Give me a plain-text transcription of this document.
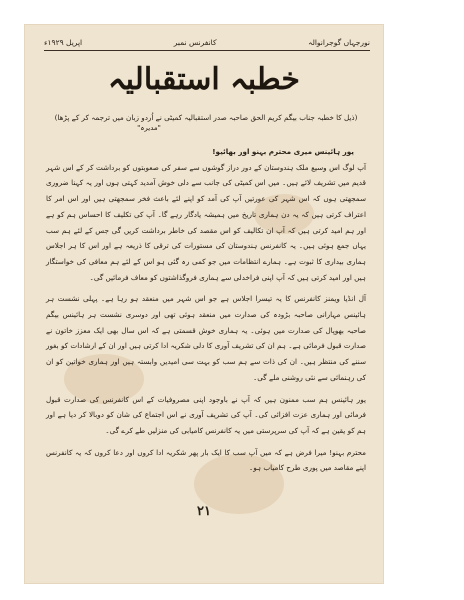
نورجہاں گوجرانوالہ
کانفرنس نمبر
اپریل ۱۹۲۹ء
خطبہ استقبالیہ
(ذیل کا خطبہ جناب بیگم کریم الحق صاحبہ صدر استقبالیہ کمیٹی نے اُردو زبان میں ترجمہ کر کے پڑھا)
"مدیرہ"

یور ہائینس میری محترم بہنو اور بھائیو!

آپ لوگ اس وسیع ملک ہندوستان کے دور دراز گوشوں سے سفر کی صعوبتوں کو برداشت کر کے اس شہر قدیم میں تشریف لائے ہیں۔ میں اس کمیٹی کی جانب سے دلی خوش آمدید کہتی ہوں اور یہ کہنا ضروری سمجھتی ہوں کہ اس شہر کی عورتیں آپ کی آمد کو اپنے لئے باعث فخر سمجھتی ہیں اور اس امر کا اعتراف کرتی ہیں کہ یہ دن ہماری تاریخ میں ہمیشہ یادگار رہے گا۔ آپ کی تکلیف کا احساس ہم کو ہے اور ہم امید کرتی ہیں کہ آپ ان تکالیف کو اس مقصد کی خاطر برداشت کریں گی جس کے لئے ہم سب یہاں جمع ہوئی ہیں۔ یہ کانفرنس ہندوستان کی مستورات کی ترقی کا ذریعہ ہے اور اس کا ہر اجلاس ہماری بیداری کا ثبوت ہے۔ ہمارے انتظامات میں جو کمی رہ گئی ہو اس کے لئے ہم معافی کی خواستگار ہیں اور امید کرتی ہیں کہ آپ اپنی فراخدلی سے ہماری فروگذاشتوں کو معاف فرمائیں گی۔

آل انڈیا ویمنز کانفرنس کا یہ تیسرا اجلاس ہے جو اس شہر میں منعقد ہو رہا ہے۔ پہلی نشست ہر ہائینس مہارانی صاحبہ بڑودہ کی صدارت میں منعقد ہوئی تھی اور دوسری نشست ہر ہائینس بیگم صاحبہ بھوپال کی صدارت میں ہوئی۔ یہ ہماری خوش قسمتی ہے کہ اس سال بھی ایک معزز خاتون نے صدارت قبول فرمائی ہے۔ ہم ان کی تشریف آوری کا دلی شکریہ ادا کرتی ہیں اور ان کے ارشادات کو بغور سننے کی منتظر ہیں۔ ان کی ذات سے ہم سب کو بہت سی امیدیں وابستہ ہیں اور ہماری خواتین کو ان کی رہنمائی سے نئی روشنی ملے گی۔

یور ہائینس ہم سب ممنون ہیں کہ آپ نے باوجود اپنی مصروفیات کے اس کانفرنس کی صدارت قبول فرمائی اور ہماری عزت افزائی کی۔ آپ کی تشریف آوری نے اس اجتماع کی شان کو دوبالا کر دیا ہے اور ہم کو یقین ہے کہ آپ کی سرپرستی میں یہ کانفرنس کامیابی کی منزلیں طے کرے گی۔

محترم بہنو! میرا فرض ہے کہ میں آپ سب کا ایک بار پھر شکریہ ادا کروں اور دعا کروں کہ یہ کانفرنس اپنے مقاصد میں پوری طرح کامیاب ہو۔

۲۱
